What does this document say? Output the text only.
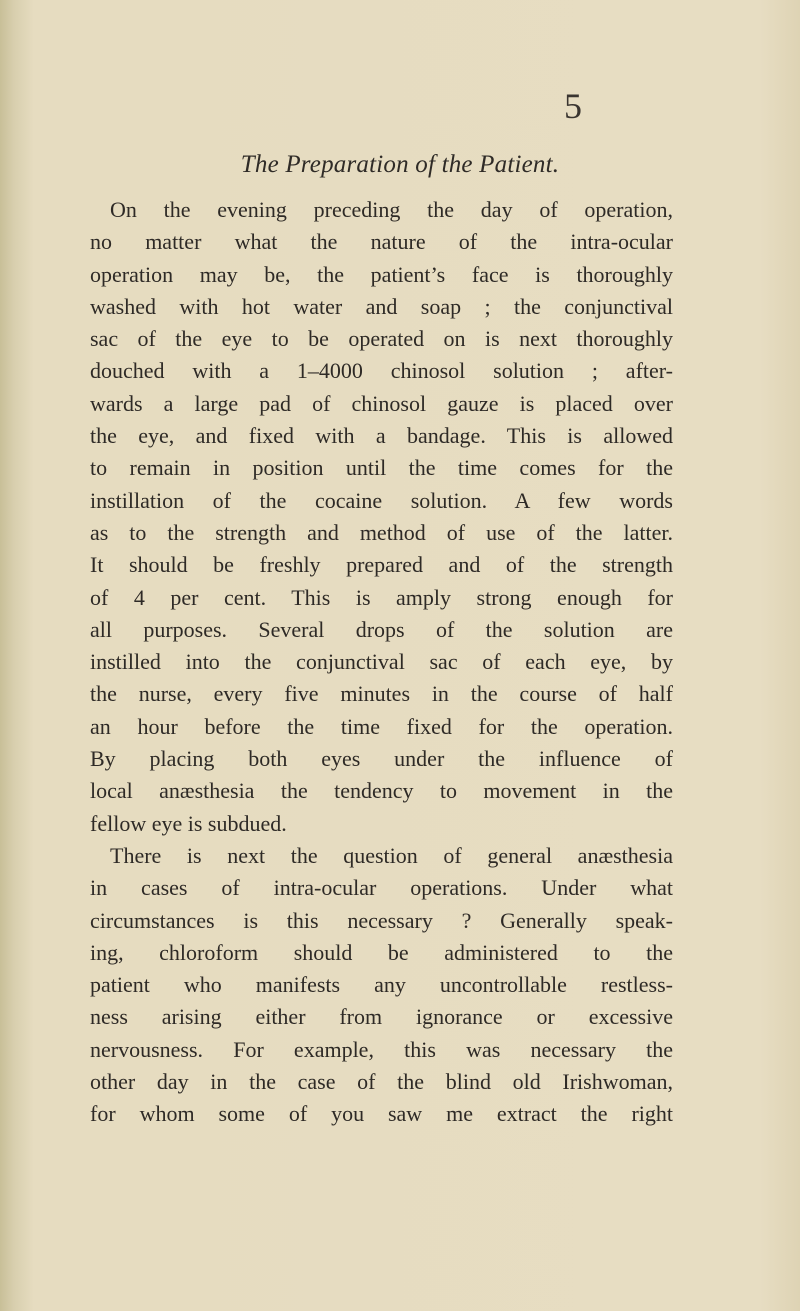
5
The Preparation of the Patient.
On the evening preceding the day of operation,
no matter what the nature of the intra-ocular
operation may be, the patient’s face is thoroughly
washed with hot water and soap ; the conjunctival
sac of the eye to be operated on is next thoroughly
douched with a 1–4000 chinosol solution ; after-
wards a large pad of chinosol gauze is placed over
the eye, and fixed with a bandage. This is allowed
to remain in position until the time comes for the
instillation of the cocaine solution. A few words
as to the strength and method of use of the latter.
It should be freshly prepared and of the strength
of 4 per cent. This is amply strong enough for
all purposes. Several drops of the solution are
instilled into the conjunctival sac of each eye, by
the nurse, every five minutes in the course of half
an hour before the time fixed for the operation.
By placing both eyes under the influence of
local anæsthesia the tendency to movement in the
fellow eye is subdued.
There is next the question of general anæsthesia
in cases of intra-ocular operations. Under what
circumstances is this necessary ? Generally speak-
ing, chloroform should be administered to the
patient who manifests any uncontrollable restless-
ness arising either from ignorance or excessive
nervousness. For example, this was necessary the
other day in the case of the blind old Irishwoman,
for whom some of you saw me extract the right
